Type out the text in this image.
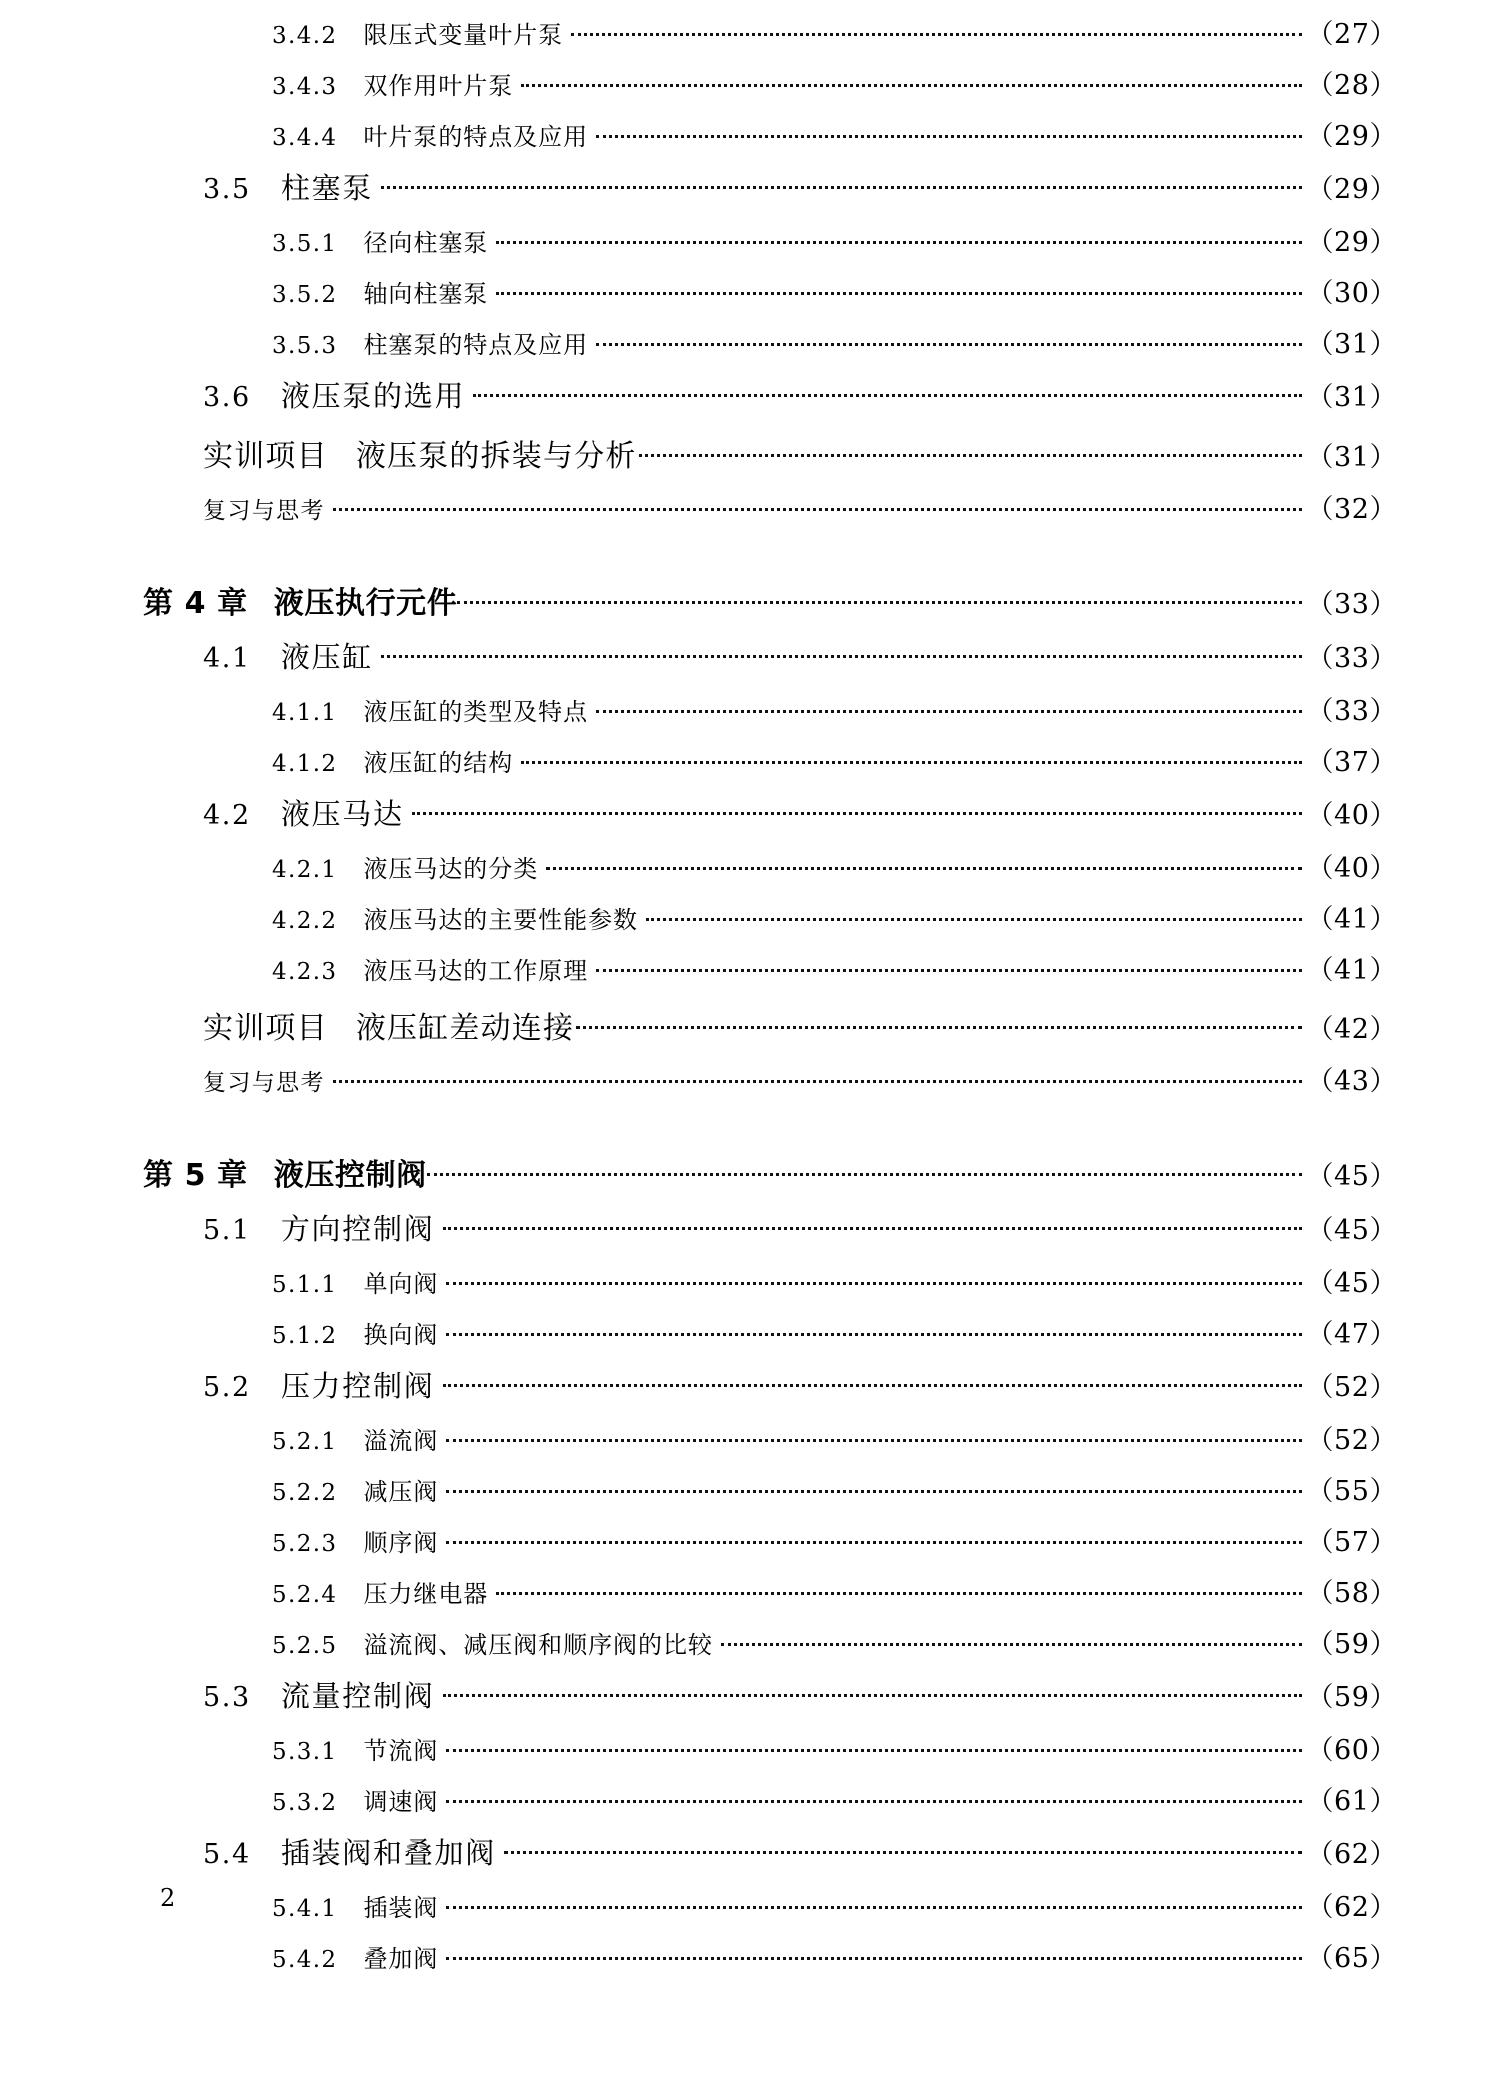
3.4.2 限压式变量叶片泵	（27）
3.4.3 双作用叶片泵	（28）
3.4.4 叶片泵的特点及应用	（29）
3.5 柱塞泵	（29）
3.5.1 径向柱塞泵	（29）
3.5.2 轴向柱塞泵	（30）
3.5.3 柱塞泵的特点及应用	（31）
3.6 液压泵的选用	（31）
实训项目 液压泵的拆装与分析	（31）
复习与思考	（32）
第 4 章 液压执行元件	（33）
4.1 液压缸	（33）
4.1.1 液压缸的类型及特点	（33）
4.1.2 液压缸的结构	（37）
4.2 液压马达	（40）
4.2.1 液压马达的分类	（40）
4.2.2 液压马达的主要性能参数	（41）
4.2.3 液压马达的工作原理	（41）
实训项目 液压缸差动连接	（42）
复习与思考	（43）
第 5 章 液压控制阀	（45）
5.1 方向控制阀	（45）
5.1.1 单向阀	（45）
5.1.2 换向阀	（47）
5.2 压力控制阀	（52）
5.2.1 溢流阀	（52）
5.2.2 减压阀	（55）
5.2.3 顺序阀	（57）
5.2.4 压力继电器	（58）
5.2.5 溢流阀、减压阀和顺序阀的比较	（59）
5.3 流量控制阀	（59）
5.3.1 节流阀	（60）
5.3.2 调速阀	（61）
5.4 插装阀和叠加阀	（62）
5.4.1 插装阀	（62）
5.4.2 叠加阀	（65）
2
